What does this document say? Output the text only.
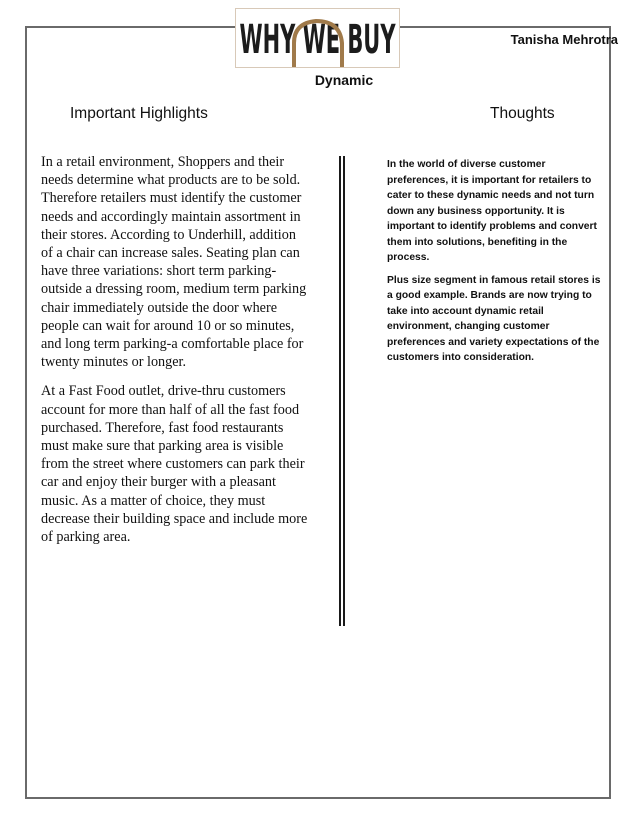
WHY WE BUY	Tanisha Mehrotra
Dynamic
Important Highlights	Thoughts

In a retail environment, Shoppers and their needs determine what products are to be sold. Therefore retailers must identify the customer needs and accordingly maintain assortment in their stores. According to Underhill, addition of a chair can increase sales. Seating plan can have three variations: short term parking-outside a dressing room, medium term parking chair immediately outside the door where people can wait for around 10 or so minutes, and long term parking-a comfortable place for twenty minutes or longer.

At a Fast Food outlet, drive-thru customers account for more than half of all the fast food purchased. Therefore, fast food restaurants must make sure that parking area is visible from the street where customers can park their car and enjoy their burger with a pleasant music. As a matter of choice, they must decrease their building space and include more of parking area.

In the world of diverse customer preferences, it is important for retailers to cater to these dynamic needs and not turn down any business opportunity. It is important to identify problems and convert them into solutions, benefiting in the process.

Plus size segment in famous retail stores is a good example. Brands are now trying to take into account dynamic retail environment, changing customer preferences and variety expectations of the customers into consideration.
